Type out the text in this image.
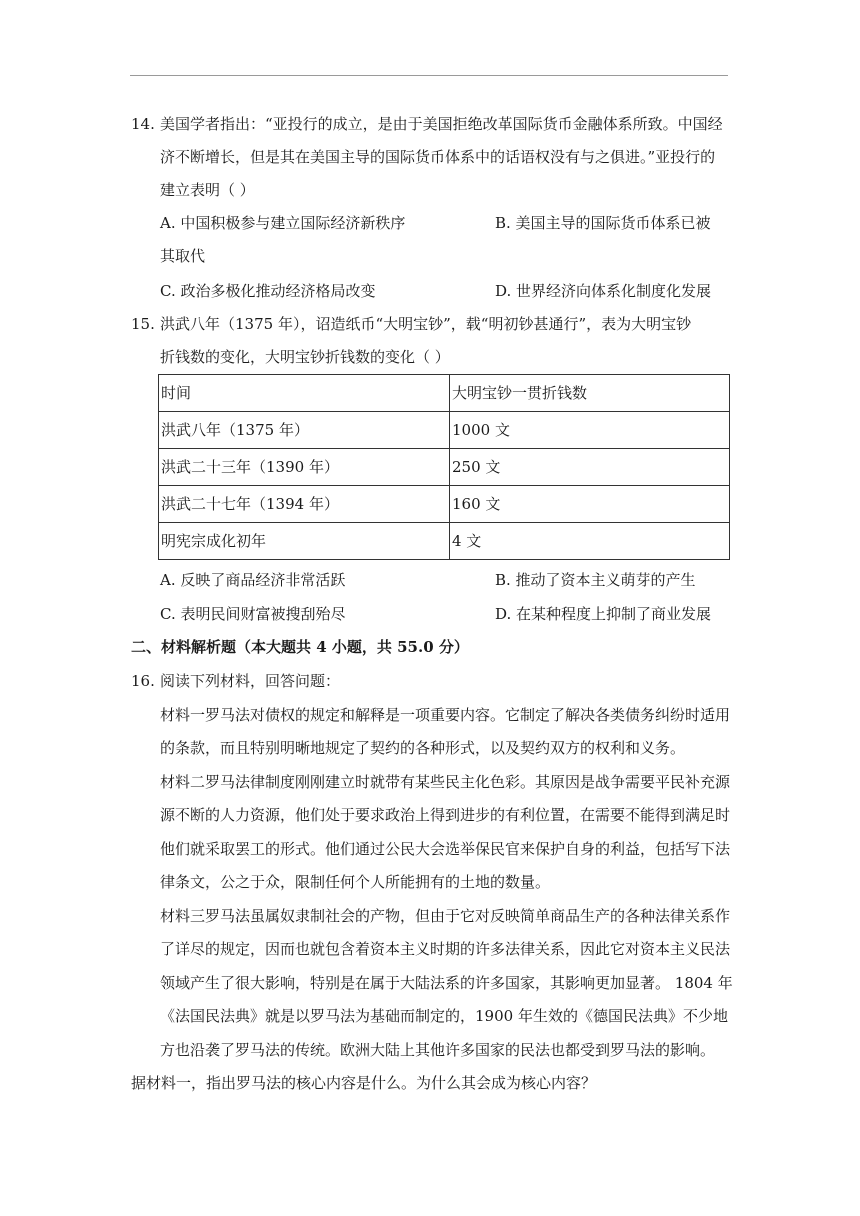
14. 美国学者指出：“亚投行的成立，是由于美国拒绝改革国际货币金融体系所致。中国经
济不断增长，但是其在美国主导的国际货币体系中的话语权没有与之俱进。”亚投行的
建立表明（ ）
A. 中国积极参与建立国际经济新秩序	B. 美国主导的国际货币体系已被
其取代
C. 政治多极化推动经济格局改变	D. 世界经济向体系化制度化发展
15. 洪武八年（1375 年），诏造纸币“大明宝钞”，载“明初钞甚通行”，表为大明宝钞
折钱数的变化，大明宝钞折钱数的变化（ ）
时间	大明宝钞一贯折钱数
洪武八年（1375 年）	1000 文
洪武二十三年（1390 年）	250 文
洪武二十七年（1394 年）	160 文
明宪宗成化初年	4 文
A. 反映了商品经济非常活跃	B. 推动了资本主义萌芽的产生
C. 表明民间财富被搜刮殆尽	D. 在某种程度上抑制了商业发展
二、材料解析题（本大题共 4 小题，共 55.0 分）
16. 阅读下列材料，回答问题：
材料一罗马法对债权的规定和解释是一项重要内容。它制定了解决各类债务纠纷时适用
的条款，而且特别明晰地规定了契约的各种形式，以及契约双方的权利和义务。
材料二罗马法律制度刚刚建立时就带有某些民主化色彩。其原因是战争需要平民补充源
源不断的人力资源，他们处于要求政治上得到进步的有利位置，在需要不能得到满足时
他们就采取罢工的形式。他们通过公民大会选举保民官来保护自身的利益，包括写下法
律条文，公之于众，限制任何个人所能拥有的土地的数量。
材料三罗马法虽属奴隶制社会的产物，但由于它对反映简单商品生产的各种法律关系作
了详尽的规定，因而也就包含着资本主义时期的许多法律关系，因此它对资本主义民法
领域产生了很大影响，特别是在属于大陆法系的许多国家，其影响更加显著。 1804 年
《法国民法典》就是以罗马法为基础而制定的，1900 年生效的《德国民法典》不少地
方也沿袭了罗马法的传统。欧洲大陆上其他许多国家的民法也都受到罗马法的影响。
据材料一，指出罗马法的核心内容是什么。为什么其会成为核心内容？
